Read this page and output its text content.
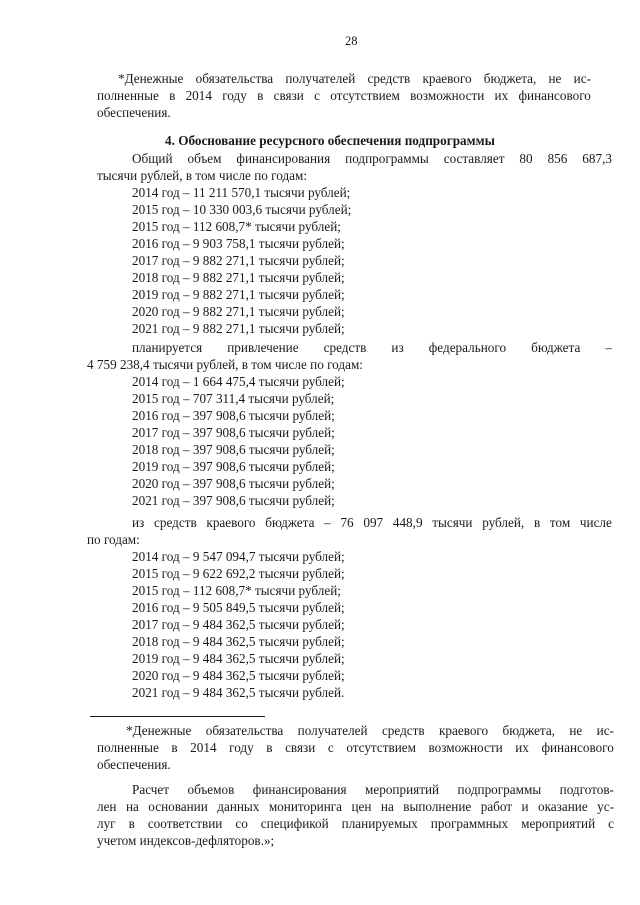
28
*Денежные обязательства получателей средств краевого бюджета, не ис-
полненные в 2014 году в связи с отсутствием возможности их финансового
обеспечения.
4. Обоснование ресурсного обеспечения подпрограммы
Общий объем финансирования подпрограммы составляет 80 856 687,3
тысячи рублей, в том числе по годам:
2014 год – 11 211 570,1 тысячи рублей;
2015 год – 10 330 003,6 тысячи рублей;
2015 год – 112 608,7* тысячи рублей;
2016 год – 9 903 758,1 тысячи рублей;
2017 год – 9 882 271,1 тысячи рублей;
2018 год – 9 882 271,1 тысячи рублей;
2019 год – 9 882 271,1 тысячи рублей;
2020 год – 9 882 271,1 тысячи рублей;
2021 год – 9 882 271,1 тысячи рублей;
планируется привлечение средств из федерального бюджета –
4 759 238,4 тысячи рублей, в том числе по годам:
2014 год – 1 664 475,4 тысячи рублей;
2015 год – 707 311,4 тысячи рублей;
2016 год – 397 908,6 тысячи рублей;
2017 год – 397 908,6 тысячи рублей;
2018 год – 397 908,6 тысячи рублей;
2019 год – 397 908,6 тысячи рублей;
2020 год – 397 908,6 тысячи рублей;
2021 год – 397 908,6 тысячи рублей;
из средств краевого бюджета – 76 097 448,9 тысячи рублей, в том числе
по годам:
2014 год – 9 547 094,7 тысячи рублей;
2015 год – 9 622 692,2 тысячи рублей;
2015 год – 112 608,7* тысячи рублей;
2016 год – 9 505 849,5 тысячи рублей;
2017 год – 9 484 362,5 тысячи рублей;
2018 год – 9 484 362,5 тысячи рублей;
2019 год – 9 484 362,5 тысячи рублей;
2020 год – 9 484 362,5 тысячи рублей;
2021 год – 9 484 362,5 тысячи рублей.
*Денежные обязательства получателей средств краевого бюджета, не ис-
полненные в 2014 году в связи с отсутствием возможности их финансового
обеспечения.
Расчет объемов финансирования мероприятий подпрограммы подготов-
лен на основании данных мониторинга цен на выполнение работ и оказание ус-
луг в соответствии со спецификой планируемых программных мероприятий с
учетом индексов-дефляторов.»;
